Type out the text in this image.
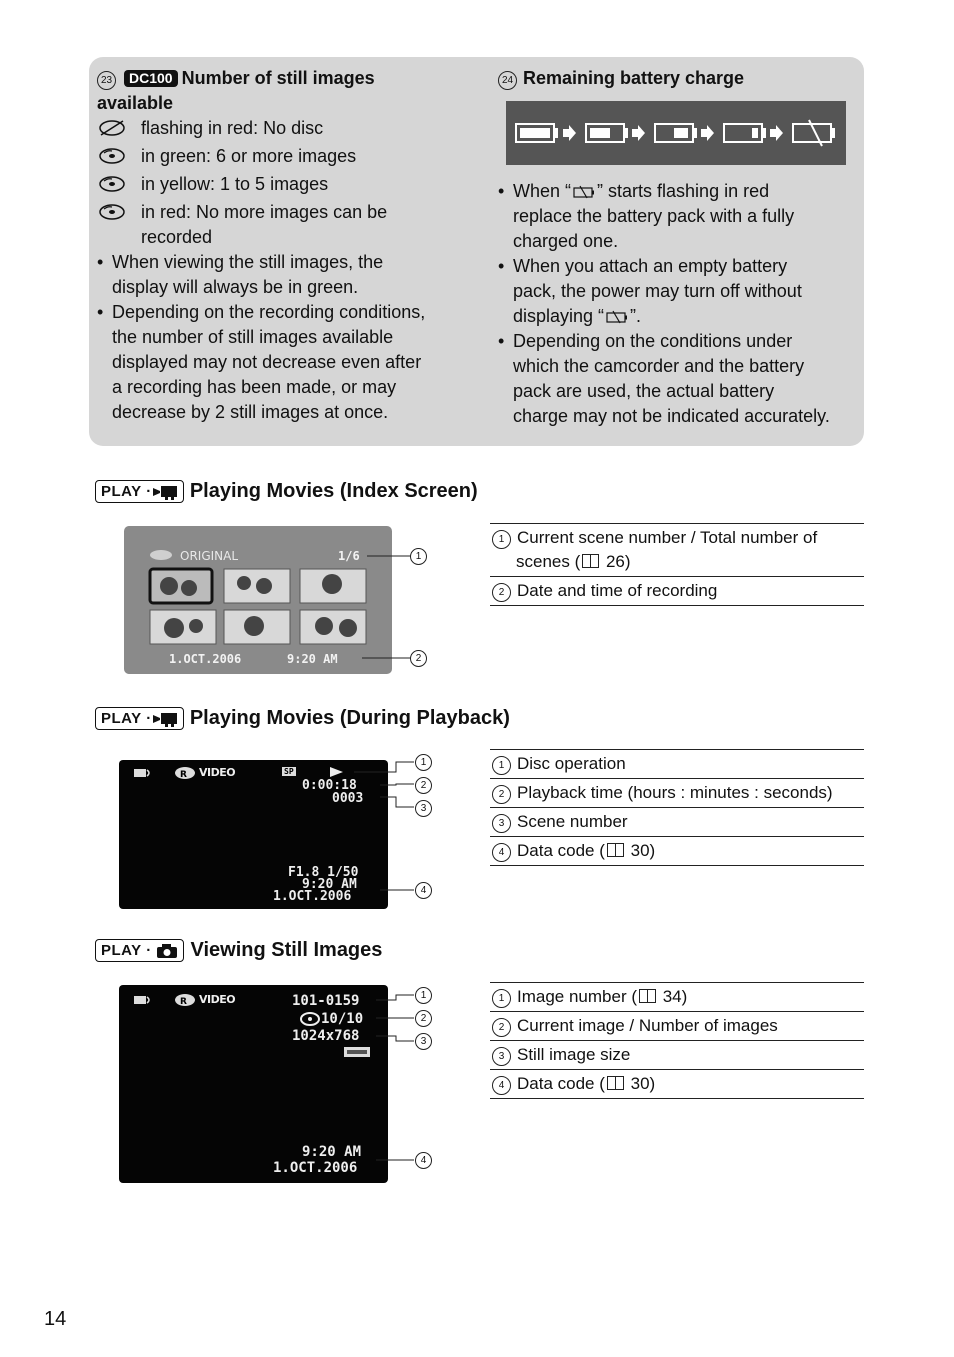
23 DC100 Number of still images
available
flashing in red: No disc
in green: 6 or more images
in yellow: 1 to 5 images
in red: No more images can be
recorded
• When viewing the still images, the
display will always be in green.
• Depending on the recording conditions,
the number of still images available
displayed may not decrease even after
a recording has been made, or may
decrease by 2 still images at once.
24 Remaining battery charge
• When “ ” starts flashing in red
replace the battery pack with a fully
charged one.
• When you attach an empty battery
pack, the power may turn off without
displaying “ ”.
• Depending on the conditions under
which the camcorder and the battery
pack are used, the actual battery
charge may not be indicated accurately.
PLAY ·	Playing Movies (Index Screen)
ORIGINAL	1/6
1.OCT.2006	9:20 AM
1
2
1 Current scene number / Total number of
scenes ( 26)
2 Date and time of recording
PLAY ·	Playing Movies (During Playback)
R VIDEO	SP
0:00:18
0003
F1.8 1/50
9:20 AM
1.OCT.2006
1
2
3
4
1 Disc operation
2 Playback time (hours : minutes : seconds)
3 Scene number
4 Data code ( 30)
PLAY ·	Viewing Still Images
R VIDEO	101-0159
10/10
1024x768
9:20 AM
1.OCT.2006
1
2
3
4
1 Image number ( 34)
2 Current image / Number of images
3 Still image size
4 Data code ( 30)
14
